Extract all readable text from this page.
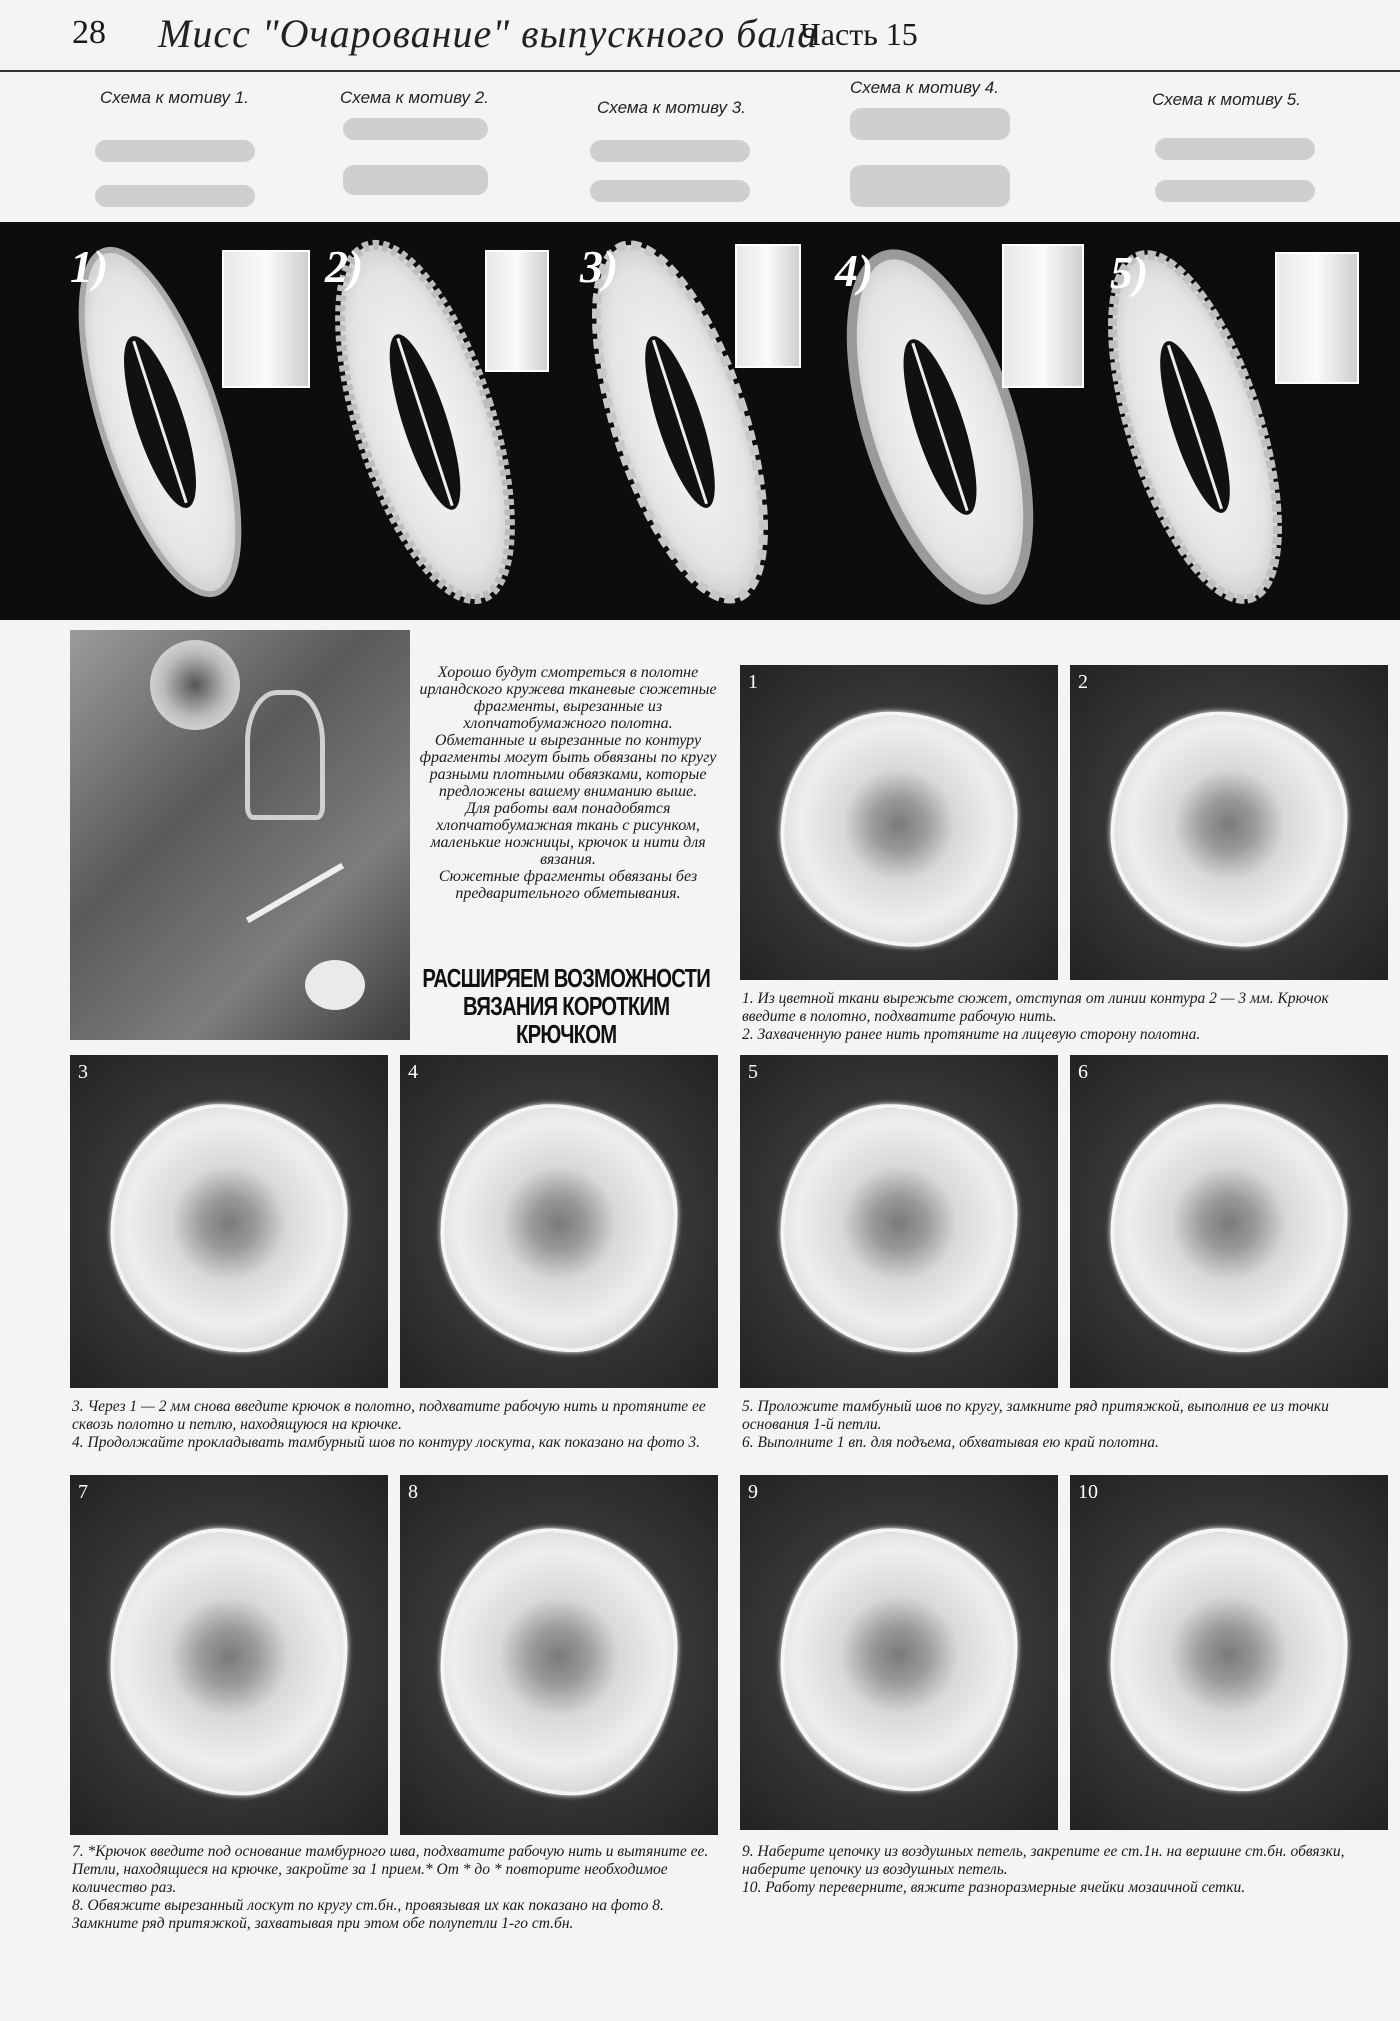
28 Мисс "Очарование" выпускного бала
Часть 15
Схема к мотиву 1.	Схема к мотиву 2.
Схема к мотиву 3.
Схема к мотиву 4.
Схема к мотиву 5.
1)	2)	3)	4)	5)
Хорошо будут смотреться в полотне ирландского кружева тканевые сюжетные фрагменты, вырезанные из хлопчатобумажного полотна.
Обметанные и вырезанные по контуру фрагменты могут быть обвязаны по кругу разными плотными обвязками, которые предложены вашему вниманию выше.
Для работы вам понадобятся хлопчатобумажная ткань с рисунком, маленькие ножницы, крючок и нити для вязания.
Сюжетные фрагменты обвязаны без предварительного обметывания.
РАСШИРЯЕМ ВОЗМОЖНОСТИ
ВЯЗАНИЯ КОРОТКИМ КРЮЧКОМ
1	2
1. Из цветной ткани вырежьте сюжет, отступая от линии контура 2 — 3 мм. Крючок введите в полотно, подхватите рабочую нить.
2. Захваченную ранее нить протяните на лицевую сторону полотна.
3	4	5	6
3. Через 1 — 2 мм снова введите крючок в полотно, подхватите рабочую нить и протяните ее сквозь полотно и петлю, находящуюся на крючке.
4. Продолжайте прокладывать тамбурный шов по контуру лоскута, как показано на фото 3.
5. Проложите тамбуный шов по кругу, замкните ряд притяжкой, выполнив ее из точки основания 1-й петли.
6. Выполните 1 вп. для подъема, обхватывая ею край полотна.
7	8	9	10
7. *Крючок введите под основание тамбурного шва, подхватите рабочую нить и вытяните ее. Петли, находящиеся на крючке, закройте за 1 прием.* От * до * повторите необходимое количество раз.
8. Обвяжите вырезанный лоскут по кругу ст.бн., провязывая их как показано на фото 8. Замкните ряд притяжкой, захватывая при этом обе полупетли 1-го ст.бн.
9. Наберите цепочку из воздушных петель, закрепите ее ст.1н. на вершине ст.бн. обвязки, наберите цепочку из воздушных петель.
10. Работу переверните, вяжите разноразмерные ячейки мозаичной сетки.
